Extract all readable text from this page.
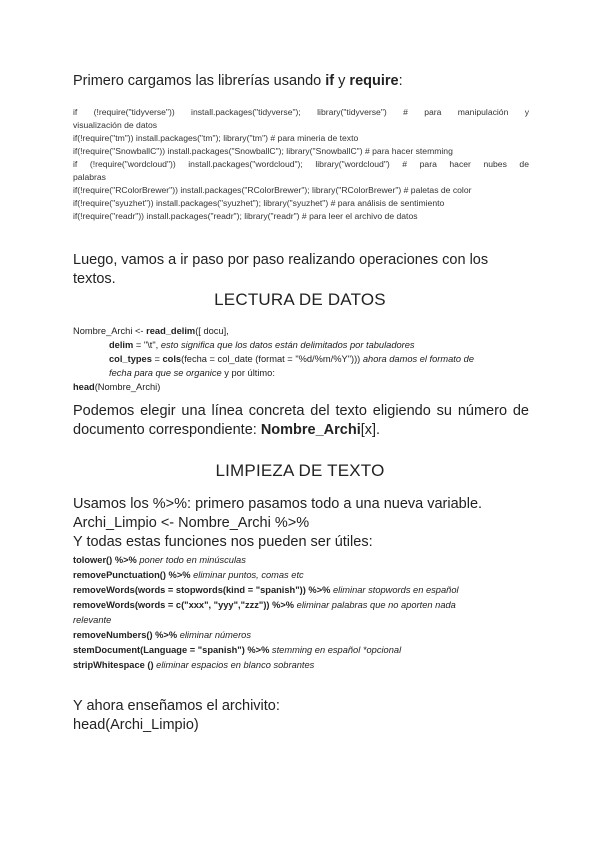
Primero cargamos las librerías usando if y require:
if (!require("tidyverse")) install.packages("tidyverse"); library("tidyverse") # para manipulación y
visualización de datos
if(!require("tm")) install.packages("tm"); library("tm") # para mineria de texto
if(!require("SnowballC")) install.packages("SnowballC"); library("SnowballC") # para hacer stemming
if (!require("wordcloud")) install.packages("wordcloud"); library("wordcloud") # para hacer nubes de
palabras
if(!require("RColorBrewer")) install.packages("RColorBrewer"); library("RColorBrewer") # paletas de color
if(!require("syuzhet")) install.packages("syuzhet"); library("syuzhet") # para análisis de sentimiento
if(!require("readr")) install.packages("readr"); library("readr") # para leer el archivo de datos
Luego, vamos a ir paso por paso realizando operaciones con los textos.
LECTURA DE DATOS
Nombre_Archi <- read_delim([ docu],
delim = "\t", esto significa que los datos están delimitados por tabuladores
col_types = cols(fecha = col_date (format = "%d/%m/%Y"))) ahora damos el formato de
fecha para que se organice y por último:
head(Nombre_Archi)
Podemos elegir una línea concreta del texto eligiendo su número de documento correspondiente: Nombre_Archi[x].
LIMPIEZA DE TEXTO
Usamos los %>%: primero pasamos todo a una nueva variable.
Archi_Limpio <- Nombre_Archi %>%
Y todas estas funciones nos pueden ser útiles:
tolower() %>% poner todo en minúsculas
removePunctuation() %>% eliminar puntos, comas etc
removeWords(words = stopwords(kind = "spanish")) %>% eliminar stopwords en español
removeWords(words = c("xxx", "yyy","zzz")) %>% eliminar palabras que no aporten nada
relevante
removeNumbers() %>% eliminar números
stemDocument(Language = "spanish") %>% stemming en español *opcional
stripWhitespace () eliminar espacios en blanco sobrantes
Y ahora enseñamos el archivito:
head(Archi_Limpio)
